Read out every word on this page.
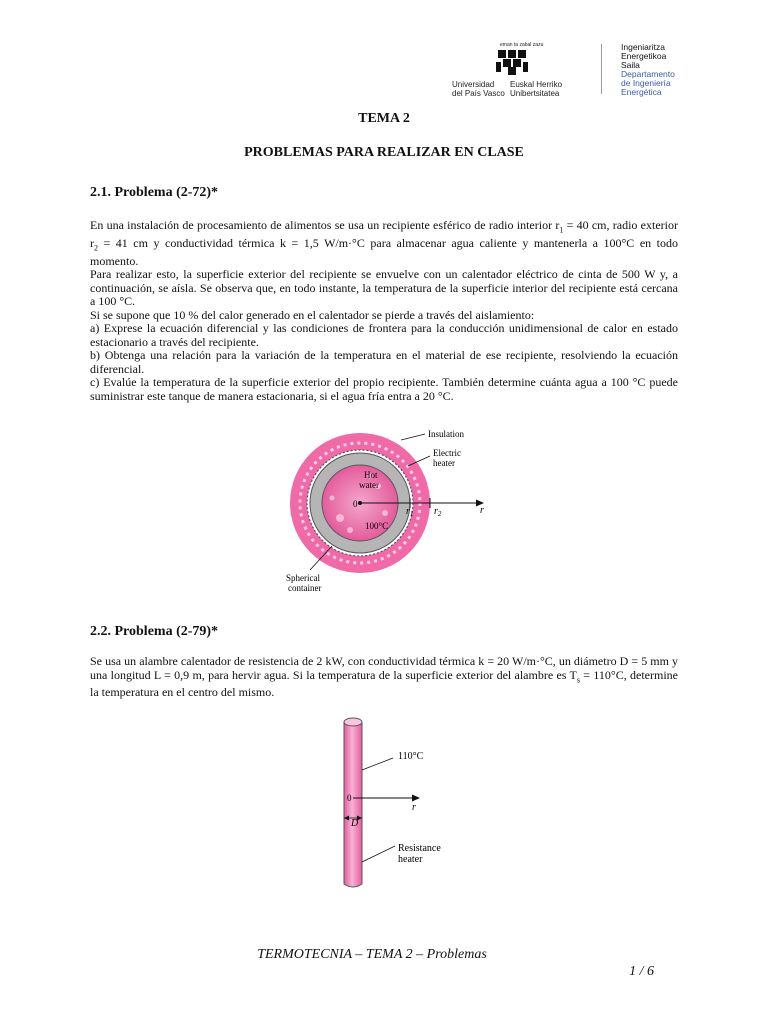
eman ta zabal zazu
Universidad
del País Vasco
Euskal Herriko
Unibertsitatea
Ingeniaritza
Energetikoa
Saila
Departamento
de Ingeniería
Energética
TEMA 2
PROBLEMAS PARA REALIZAR EN CLASE
2.1. Problema (2-72)*

En una instalación de procesamiento de alimentos se usa un recipiente esférico de radio interior $r_1 = 40$ cm, radio exterior $r_2 = 41$ cm y conductividad térmica k = 1,5 W/m·°C para almacenar agua caliente y mantenerla a 100°C en todo momento.

Para realizar esto, la superficie exterior del recipiente se envuelve con un calentador eléctrico de cinta de 500 W y, a continuación, se aísla. Se observa que, en todo instante, la temperatura de la superficie interior del recipiente está cercana a 100 °C.

Si se supone que 10 % del calor generado en el calentador se pierde a través del aislamiento:

a) Exprese la ecuación diferencial y las condiciones de frontera para la conducción unidimensional de calor en estado estacionario a través del recipiente.

b) Obtenga una relación para la variación de la temperatura en el material de ese recipiente, resolviendo la ecuación diferencial.

c) Evalúe la temperatura de la superficie exterior del propio recipiente. También determine cuánta agua a 100 °C puede suministrar este tanque de manera estacionaria, si el agua fría entra a 20 °C.

0
$r_1$ $r_2$	r
Hot
water
100°C
Insulation
Electric
heater
Spherical
container
2.2. Problema (2-79)*

Se usa un alambre calentador de resistencia de 2 kW, con conductividad térmica k = 20 W/m·°C, un diámetro D = 5 mm y una longitud L = 0,9 m, para hervir agua. Si la temperatura de la superficie exterior del alambre es $T_s = 110^\circ C$, determine la temperatura en el centro del mismo.

0
r
110°C
D
Resistance
heater
TERMOTECNIA – TEMA 2 – Problemas
1 / 6
